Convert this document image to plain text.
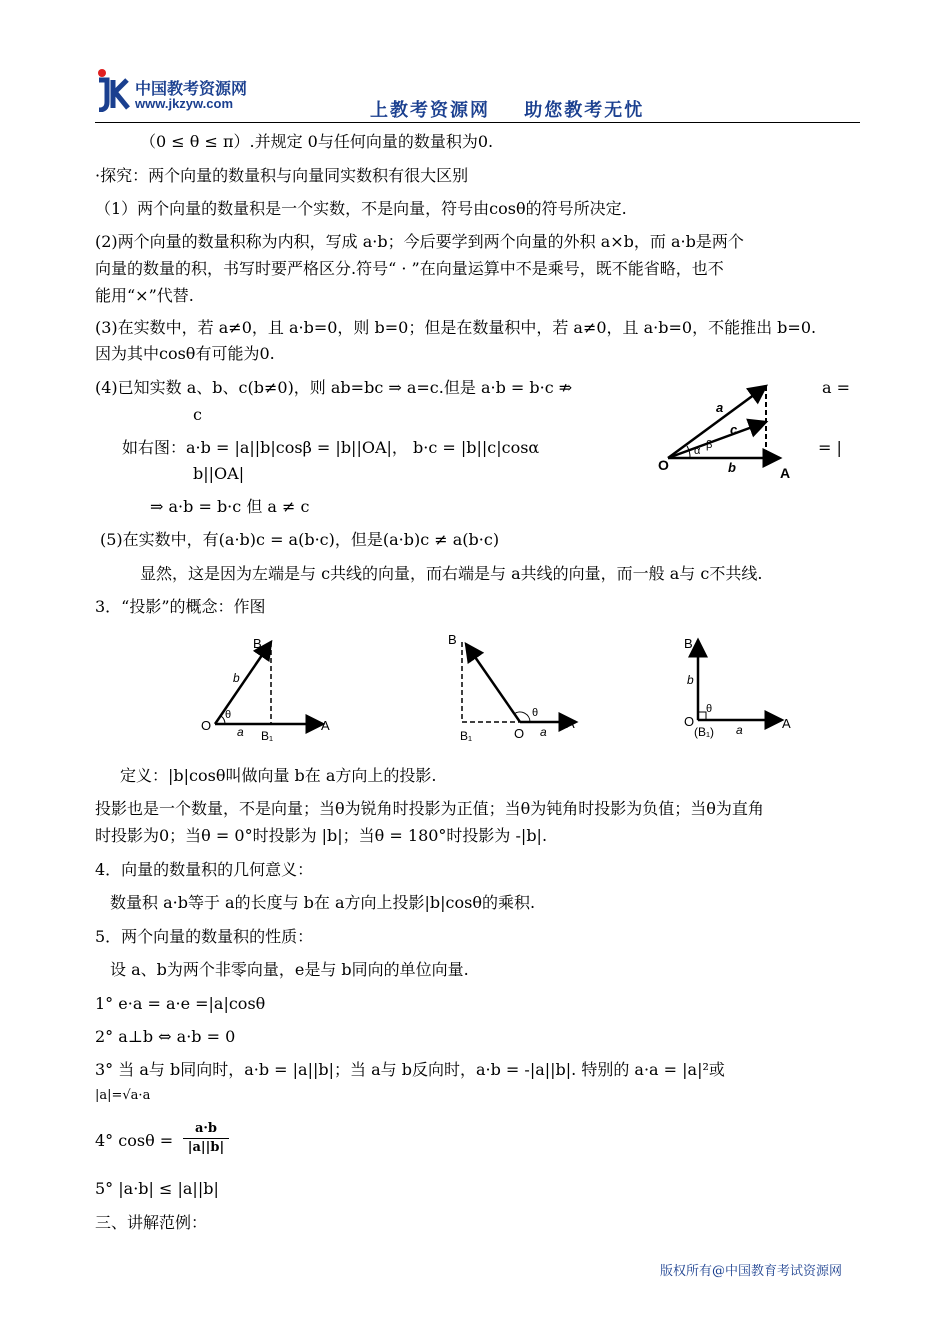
中国教考资源网
www.jkzyw.com	上教考资源网 助您教考无忧
（0 ≤ θ ≤ π）.并规定 0与任何向量的数量积为0.
·探究：两个向量的数量积与向量同实数积有很大区别
（1）两个向量的数量积是一个实数，不是向量，符号由cosθ的符号所决定.
(2)两个向量的数量积称为内积，写成 a·b；今后要学到两个向量的外积 a×b，而 a·b是两个
向量的数量的积，书写时要严格区分.符号“ · ”在向量运算中不是乘号，既不能省略，也不
能用“×”代替.
(3)在实数中，若 a≠0，且 a·b=0，则 b=0；但是在数量积中，若 a≠0，且 a·b=0，不能推出 b=0.
因为其中cosθ有可能为0.
(4)已知实数 a、b、c(b≠0)，则 ab=bc ⇒ a=c.但是 a·b = b·c ⇏	a =
c
如右图：a·b = |a||b|cosβ = |b||OA|， b·c = |b||c|cosα	= |
b||OA|
⇒ a·b = b·c 但 a ≠ c
(5)在实数中，有(a·b)c = a(b·c)，但是(a·b)c ≠ a(b·c)
显然，这是因为左端是与 c共线的向量，而右端是与 a共线的向量，而一般 a与 c不共线.
3．“投影”的概念：作图
O	A
a
c
b
β
α
B
b
O
θ
a B₁
A
B
B₁	O
θ
a
A
B
b
O
θ
(B₁) a	A
定义：|b|cosθ叫做向量 b在 a方向上的投影.
投影也是一个数量，不是向量；当θ为锐角时投影为正值；当θ为钝角时投影为负值；当θ为直角
时投影为0；当θ = 0°时投影为 |b|；当θ = 180°时投影为 -|b|.
4．向量的数量积的几何意义：
数量积 a·b等于 a的长度与 b在 a方向上投影|b|cosθ的乘积.
5．两个向量的数量积的性质：
设 a、b为两个非零向量，e是与 b同向的单位向量.
1° e·a = a·e =|a|cosθ
2° a⊥b ⇔ a·b = 0
3° 当 a与 b同向时，a·b = |a||b|；当 a与 b反向时，a·b = -|a||b|. 特别的 a·a = |a|²或
|a|=√a·a
4° $\cos\theta = \frac{a\cdot b}{|a||b|}$
5° |a·b| ≤ |a||b|
三、讲解范例：
版权所有@中国教育考试资源网
